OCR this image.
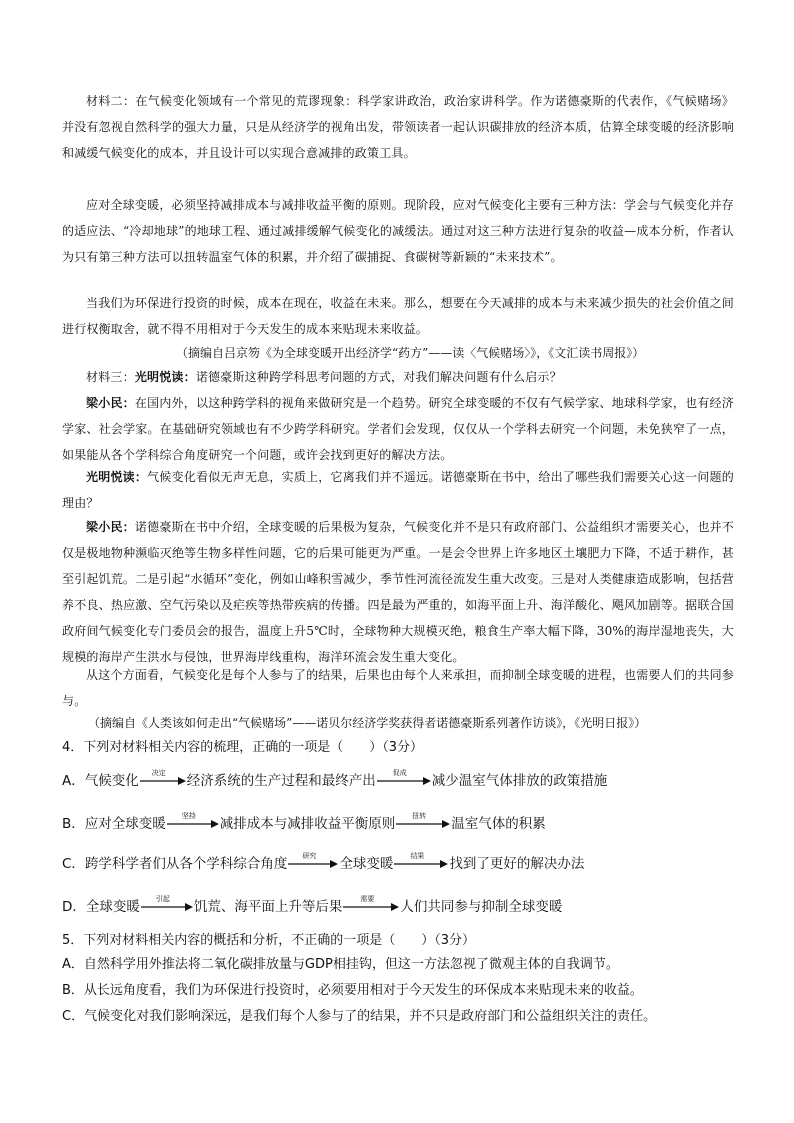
材料二：在气候变化领域有一个常见的荒谬现象：科学家讲政治，政治家讲科学。作为诺德豪斯的代表作，《气候赌场》并没有忽视自然科学的强大力量，只是从经济学的视角出发，带领读者一起认识碳排放的经济本质，估算全球变暖的经济影响和减缓气候变化的成本，并且设计可以实现合意减排的政策工具。

应对全球变暖，必须坚持减排成本与减排收益平衡的原则。现阶段，应对气候变化主要有三种方法：学会与气候变化并存的适应法、“冷却地球”的地球工程、通过减排缓解气候变化的减缓法。通过对这三种方法进行复杂的收益—成本分析，作者认为只有第三种方法可以扭转温室气体的积累，并介绍了碳捕捉、食碳树等新颖的“未来技术”。

当我们为环保进行投资的时候，成本在现在，收益在未来。那么，想要在今天减排的成本与未来减少损失的社会价值之间进行权衡取舍，就不得不用相对于今天发生的成本来贴现未来收益。

（摘编自吕京笏《为全球变暖开出经济学“药方”——读〈气候赌场〉》，《文汇读书周报》）

材料三：光明悦读：诺德豪斯这种跨学科思考问题的方式，对我们解决问题有什么启示？

梁小民：在国内外，以这种跨学科的视角来做研究是一个趋势。研究全球变暖的不仅有气候学家、地球科学家，也有经济学家、社会学家。在基础研究领域也有不少跨学科研究。学者们会发现，仅仅从一个学科去研究一个问题，未免狭窄了一点，如果能从各个学科综合角度研究一个问题，或许会找到更好的解决方法。

光明悦读：气候变化看似无声无息，实质上，它离我们并不遥远。诺德豪斯在书中，给出了哪些我们需要关心这一问题的理由？

梁小民：诺德豪斯在书中介绍，全球变暖的后果极为复杂，气候变化并不是只有政府部门、公益组织才需要关心，也并不仅是极地物种濒临灭绝等生物多样性问题，它的后果可能更为严重。一是会令世界上许多地区土壤肥力下降，不适于耕作，甚至引起饥荒。二是引起“水循环”变化，例如山峰积雪减少，季节性河流径流发生重大改变。三是对人类健康造成影响，包括营养不良、热应激、空气污染以及疟疾等热带疾病的传播。四是最为严重的，如海平面上升、海洋酸化、飓风加剧等。据联合国政府间气候变化专门委员会的报告，温度上升5℃时，全球物种大规模灭绝，粮食生产率大幅下降，30%的海岸湿地丧失，大规模的海岸产生洪水与侵蚀，世界海岸线重构，海洋环流会发生重大变化。

从这个方面看，气候变化是每个人参与了的结果，后果也由每个人来承担，而抑制全球变暖的进程，也需要人们的共同参与。

（摘编自《人类该如何走出“气候赌场”——诺贝尔经济学奖获得者诺德豪斯系列著作访谈》，《光明日报》）

4．下列对材料相关内容的梳理，正确的一项是（　　）（3分）

A． 气候变化	决定	经济系统的生产过程和最终产出	促成	减少温室气体排放的政策措施
B． 应对全球变暖	坚持	减排成本与减排收益平衡原则	扭转	温室气体的积累
C． 跨学科学者们从各个学科综合角度	研究	全球变暖	结果	找到了更好的解决办法
D． 全球变暖	引起	饥荒、海平面上升等后果	需要	人们共同参与抑制全球变暖

5．下列对材料相关内容的概括和分析，不正确的一项是（　　）（3分）

A．自然科学用外推法将二氧化碳排放量与GDP相挂钩，但这一方法忽视了微观主体的自我调节。

B．从长远角度看，我们为环保进行投资时，必须要用相对于今天发生的环保成本来贴现未来的收益。

C．气候变化对我们影响深远，是我们每个人参与了的结果，并不只是政府部门和公益组织关注的责任。
